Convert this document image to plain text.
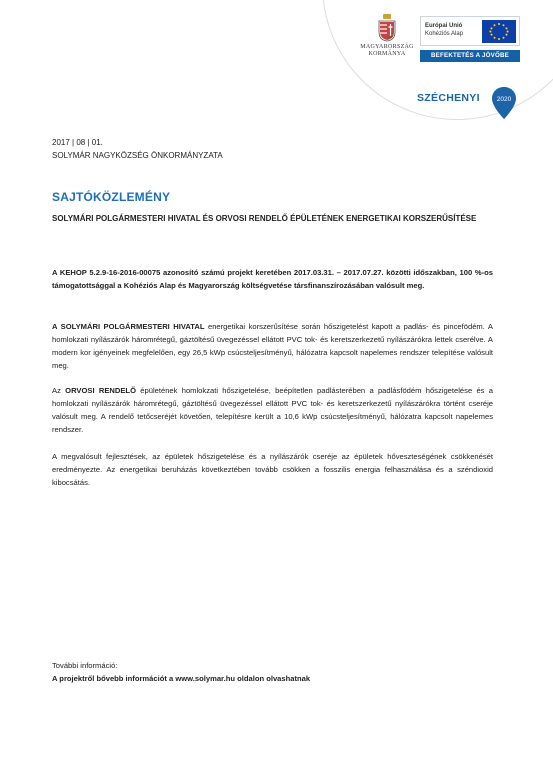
MAGYARORSZÁG
KORMÁNYA
Európai Unió
Kohéziós Alap
BEFEKTETÉS A JÖVŐBE
SZÉCHENYI	2020
2017 | 08 | 01.
SOLYMÁR NAGYKÖZSÉG ÖNKORMÁNYZATA
SAJTÓKÖZLEMÉNY
SOLYMÁRI POLGÁRMESTERI HIVATAL ÉS ORVOSI RENDELŐ ÉPÜLETÉNEK ENERGETIKAI KORSZERŰSÍTÉSE

A KEHOP 5.2.9-16-2016-00075 azonosító számú projekt keretében 2017.03.31. – 2017.07.27. közötti időszakban, 100 %-os támogatottsággal a Kohéziós Alap és Magyarország költségvetése társfinanszírozásában valósult meg.

A SOLYMÁRI POLGÁRMESTERI HIVATAL energetikai korszerűsítése során hőszigetelést kapott a padlás- és pincefödém. A homlokzati nyílászárók háromrétegű, gáztöltésű üvegezéssel ellátott PVC tok- és keretszerkezetű nyílászárókra lettek cserélve. A modern kor igényeinek megfelelően, egy 26,5 kWp csúcsteljesítményű, hálózatra kapcsolt napelemes rendszer telepítése valósult meg.

Az ORVOSI RENDELŐ épületének homlokzati hőszigetelése, beépítetlen padlásterében a padlásfödém hőszigetelése és a homlokzati nyílászárók háromrétegű, gáztöltésű üvegezéssel ellátott PVC tok- és keretszerkezetű nyílászárókra történt cseréje valósult meg. A rendelő tetőcseréjét követően, telepítésre került a 10,6 kWp csúcsteljesítményű, hálózatra kapcsolt napelemes rendszer.

A megvalósult fejlesztések, az épületek hőszigetelése és a nyílászárók cseréje az épületek hőveszteségének csökkenését eredményezte. Az energetikai beruházás következtében tovább csökken a fosszilis energia felhasználása és a széndioxid kibocsátás.

További információ:
A projektről bővebb információt a www.solymar.hu oldalon olvashatnak
